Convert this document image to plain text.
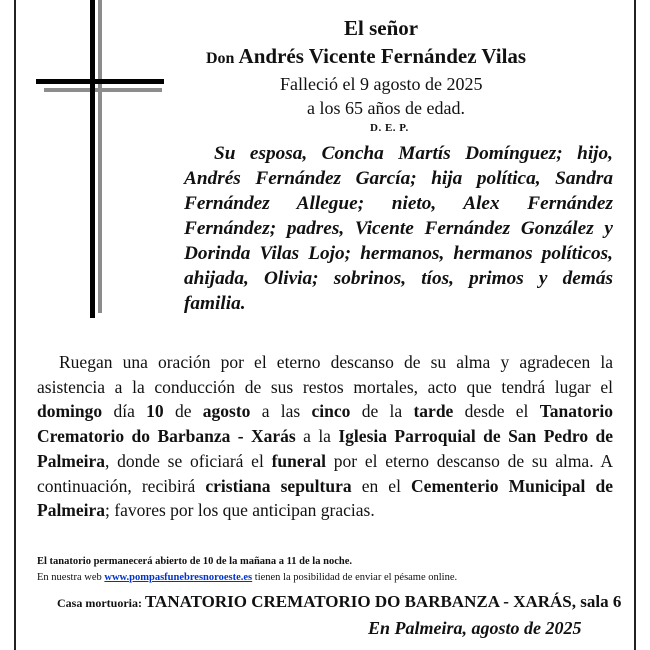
El señor
Don Andrés Vicente Fernández Vilas
Falleció el 9 agosto de 2025
a los 65 años de edad.
D. E. P.
Su esposa, Concha Martís Domínguez; hijo, Andrés Fernández García; hija política, Sandra Fernández Allegue; nieto, Alex Fernández Fernández; padres, Vicente Fernández González y Dorinda Vilas Lojo; hermanos, hermanos políticos, ahijada, Olivia; sobrinos, tíos, primos y demás familia.
Ruegan una oración por el eterno descanso de su alma y agradecen la asistencia a la conducción de sus restos mortales, acto que tendrá lugar el domingo día 10 de agosto a las cinco de la tarde desde el Tanatorio Crematorio do Barbanza - Xarás a la Iglesia Parroquial de San Pedro de Palmeira, donde se oficiará el funeral por el eterno descanso de su alma. A continuación, recibirá cristiana sepultura en el Cementerio Municipal de Palmeira; favores por los que anticipan gracias.
El tanatorio permanecerá abierto de 10 de la mañana a 11 de la noche.
En nuestra web www.pompasfunebresnoroeste.es tienen la posibilidad de enviar el pésame online.
Casa mortuoria: TANATORIO CREMATORIO DO BARBANZA - XARÁS, sala 6
En Palmeira, agosto de 2025
